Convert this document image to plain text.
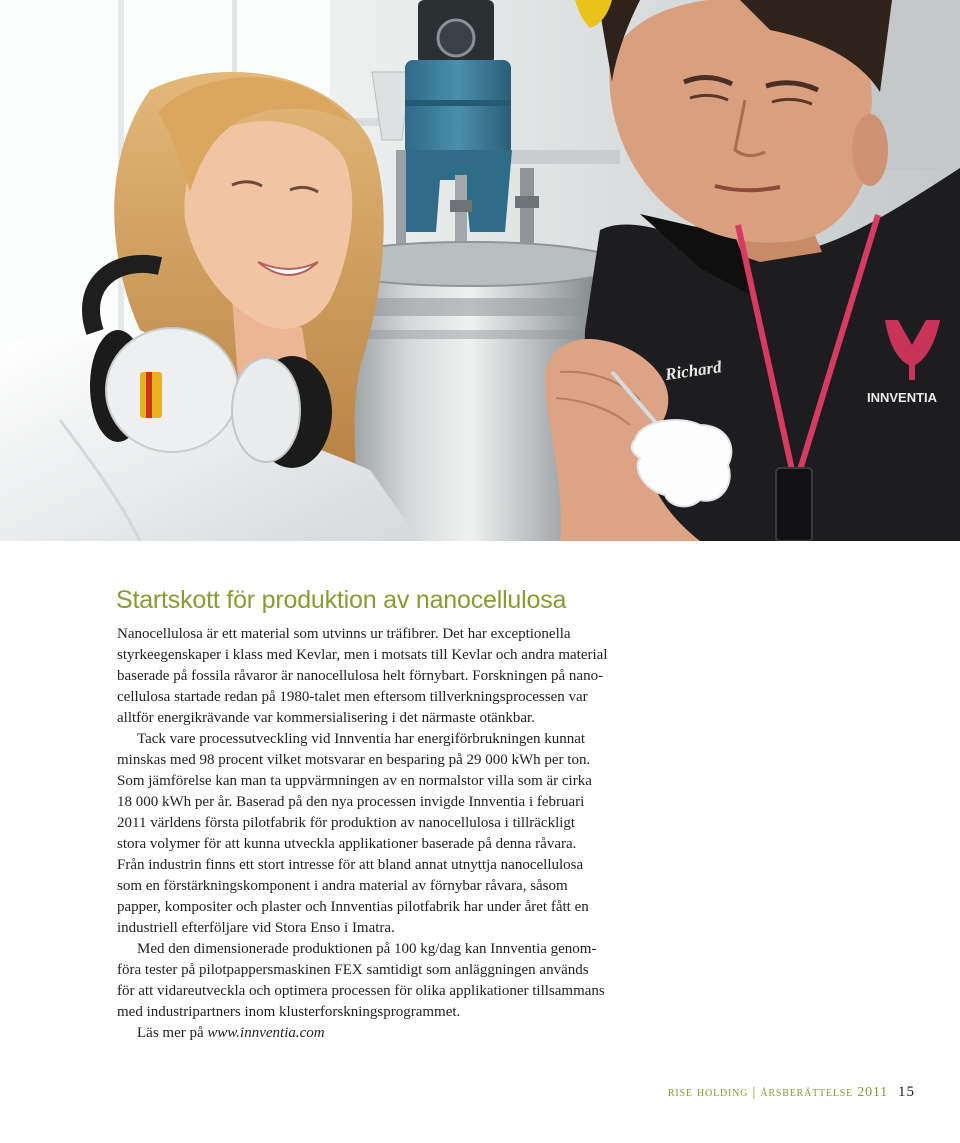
Richard
INNVENTIA
Startskott för produktion av nanocellulosa
Nanocellulosa är ett material som utvinns ur träfibrer. Det har exceptionella
styrkeegenskaper i klass med Kevlar, men i motsats till Kevlar och andra material
baserade på fossila råvaror är nanocellulosa helt förnybart. Forskningen på nano-
cellulosa startade redan på 1980-talet men eftersom tillverkningsprocessen var
alltför energikrävande var kommersialisering i det närmaste otänkbar.
Tack vare processutveckling vid Innventia har energiförbrukningen kunnat
minskas med 98 procent vilket motsvarar en besparing på 29 000 kWh per ton.
Som jämförelse kan man ta uppvärmningen av en normalstor villa som är cirka
18 000 kWh per år. Baserad på den nya processen invigde Innventia i februari
2011 världens första pilotfabrik för produktion av nanocellulosa i tillräckligt
stora volymer för att kunna utveckla applikationer baserade på denna råvara.
Från industrin finns ett stort intresse för att bland annat utnyttja nanocellulosa
som en förstärkningskomponent i andra material av förnybar råvara, såsom
papper, kompositer och plaster och Innventias pilotfabrik har under året fått en
industriell efterföljare vid Stora Enso i Imatra.
Med den dimensionerade produktionen på 100 kg/dag kan Innventia genom-
föra tester på pilotpappersmaskinen FEX samtidigt som anläggningen används
för att vidareutveckla och optimera processen för olika applikationer tillsammans
med industripartners inom klusterforskningsprogrammet.
Läs mer på www.innventia.com
rise holding | årsberättelse 2011 15
